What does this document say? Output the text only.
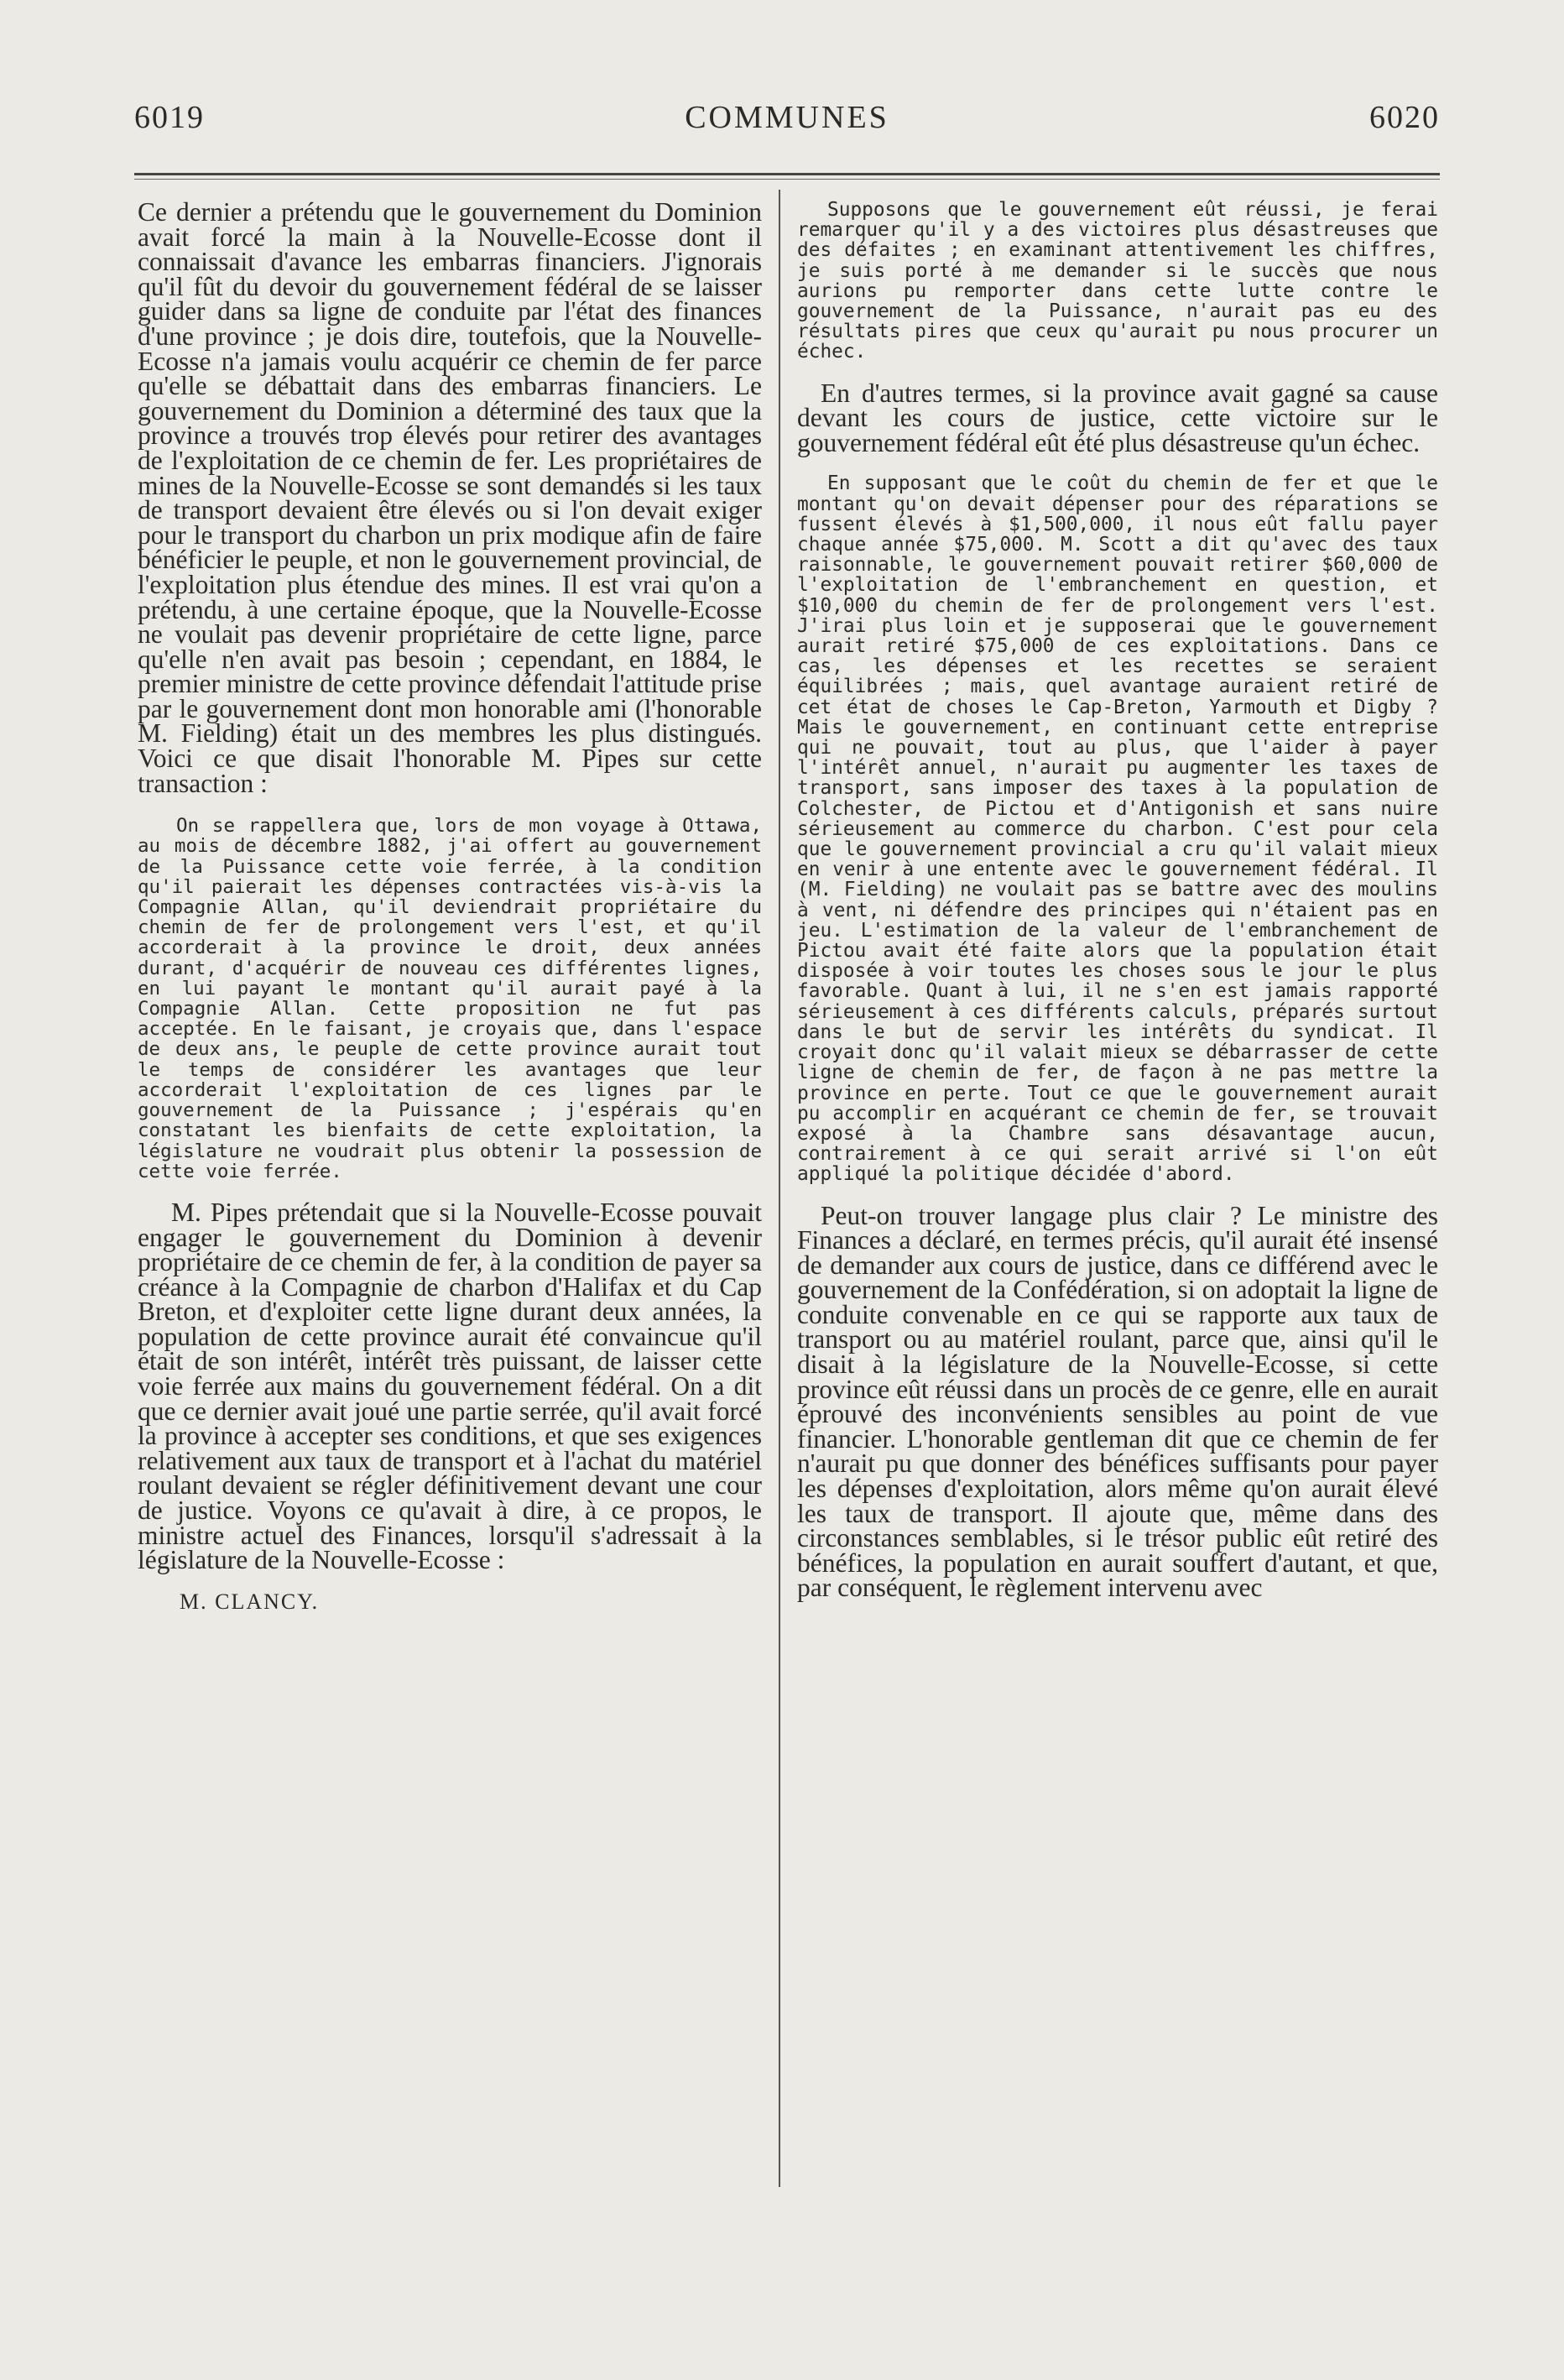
6019	COMMUNES	6020

Ce dernier a prétendu que le gouvernement du Dominion avait forcé la main à la Nouvelle-Ecosse dont il connaissait d'avance les embarras financiers. J'ignorais qu'il fût du devoir du gouvernement fédéral de se laisser guider dans sa ligne de conduite par l'état des finances d'une province ; je dois dire, toutefois, que la Nouvelle-Ecosse n'a jamais voulu acquérir ce chemin de fer parce qu'elle se débattait dans des embarras financiers. Le gouvernement du Dominion a déterminé des taux que la province a trouvés trop élevés pour retirer des avantages de l'exploitation de ce chemin de fer. Les propriétaires de mines de la Nouvelle-Ecosse se sont demandés si les taux de transport devaient être élevés ou si l'on devait exiger pour le transport du charbon un prix modique afin de faire bénéficier le peuple, et non le gouvernement provincial, de l'exploitation plus étendue des mines. Il est vrai qu'on a prétendu, à une certaine époque, que la Nouvelle-Ecosse ne voulait pas devenir propriétaire de cette ligne, parce qu'elle n'en avait pas besoin ; cependant, en 1884, le premier ministre de cette province défendait l'attitude prise par le gouvernement dont mon honorable ami (l'honorable M. Fielding) était un des membres les plus distingués. Voici ce que disait l'honorable M. Pipes sur cette transaction :

On se rappellera que, lors de mon voyage à Ottawa, au mois de décembre 1882, j'ai offert au gouvernement de la Puissance cette voie ferrée, à la condition qu'il paierait les dépenses contractées vis-à-vis la Compagnie Allan, qu'il deviendrait propriétaire du chemin de fer de prolongement vers l'est, et qu'il accorderait à la province le droit, deux années durant, d'acquérir de nouveau ces différentes lignes, en lui payant le montant qu'il aurait payé à la Compagnie Allan. Cette proposition ne fut pas acceptée. En le faisant, je croyais que, dans l'espace de deux ans, le peuple de cette province aurait tout le temps de considérer les avantages que leur accorderait l'exploitation de ces lignes par le gouvernement de la Puissance ; j'espérais qu'en constatant les bienfaits de cette exploitation, la législature ne voudrait plus obtenir la possession de cette voie ferrée.

M. Pipes prétendait que si la Nouvelle-Ecosse pouvait engager le gouvernement du Dominion à devenir propriétaire de ce chemin de fer, à la condition de payer sa créance à la Compagnie de charbon d'Halifax et du Cap Breton, et d'exploiter cette ligne durant deux années, la population de cette province aurait été convaincue qu'il était de son intérêt, intérêt très puissant, de laisser cette voie ferrée aux mains du gouvernement fédéral. On a dit que ce dernier avait joué une partie serrée, qu'il avait forcé la province à accepter ses conditions, et que ses exigences relativement aux taux de transport et à l'achat du matériel roulant devaient se régler définitivement devant une cour de justice. Voyons ce qu'avait à dire, à ce propos, le ministre actuel des Finances, lorsqu'il s'adressait à la législature de la Nouvelle-Ecosse :

M. CLANCY.

Supposons que le gouvernement eût réussi, je ferai remarquer qu'il y a des victoires plus désastreuses que des défaites ; en examinant attentivement les chiffres, je suis porté à me demander si le succès que nous aurions pu remporter dans cette lutte contre le gouvernement de la Puissance, n'aurait pas eu des résultats pires que ceux qu'aurait pu nous procurer un échec.

En d'autres termes, si la province avait gagné sa cause devant les cours de justice, cette victoire sur le gouvernement fédéral eût été plus désastreuse qu'un échec.

En supposant que le coût du chemin de fer et que le montant qu'on devait dépenser pour des réparations se fussent élevés à $1,500,000, il nous eût fallu payer chaque année $75,000. M. Scott a dit qu'avec des taux raisonnable, le gouvernement pouvait retirer $60,000 de l'exploitation de l'embranchement en question, et $10,000 du chemin de fer de prolongement vers l'est. J'irai plus loin et je supposerai que le gouvernement aurait retiré $75,000 de ces exploitations. Dans ce cas, les dépenses et les recettes se seraient équilibrées ; mais, quel avantage auraient retiré de cet état de choses le Cap-Breton, Yarmouth et Digby ? Mais le gouvernement, en continuant cette entreprise qui ne pouvait, tout au plus, que l'aider à payer l'intérêt annuel, n'aurait pu augmenter les taxes de transport, sans imposer des taxes à la population de Colchester, de Pictou et d'Antigonish et sans nuire sérieusement au commerce du charbon. C'est pour cela que le gouvernement provincial a cru qu'il valait mieux en venir à une entente avec le gouvernement fédéral. Il (M. Fielding) ne voulait pas se battre avec des moulins à vent, ni défendre des principes qui n'étaient pas en jeu. L'estimation de la valeur de l'embranchement de Pictou avait été faite alors que la population était disposée à voir toutes les choses sous le jour le plus favorable. Quant à lui, il ne s'en est jamais rapporté sérieusement à ces différents calculs, préparés surtout dans le but de servir les intérêts du syndicat. Il croyait donc qu'il valait mieux se débarrasser de cette ligne de chemin de fer, de façon à ne pas mettre la province en perte. Tout ce que le gouvernement aurait pu accomplir en acquérant ce chemin de fer, se trouvait exposé à la Chambre sans désavantage aucun, contrairement à ce qui serait arrivé si l'on eût appliqué la politique décidée d'abord.

Peut-on trouver langage plus clair ? Le ministre des Finances a déclaré, en termes précis, qu'il aurait été insensé de demander aux cours de justice, dans ce différend avec le gouvernement de la Confédération, si on adoptait la ligne de conduite convenable en ce qui se rapporte aux taux de transport ou au matériel roulant, parce que, ainsi qu'il le disait à la législature de la Nouvelle-Ecosse, si cette province eût réussi dans un procès de ce genre, elle en aurait éprouvé des inconvénients sensibles au point de vue financier. L'honorable gentleman dit que ce chemin de fer n'aurait pu que donner des bénéfices suffisants pour payer les dépenses d'exploitation, alors même qu'on aurait élevé les taux de transport. Il ajoute que, même dans des circonstances semblables, si le trésor public eût retiré des bénéfices, la population en aurait souffert d'autant, et que, par conséquent, le règlement intervenu avec
